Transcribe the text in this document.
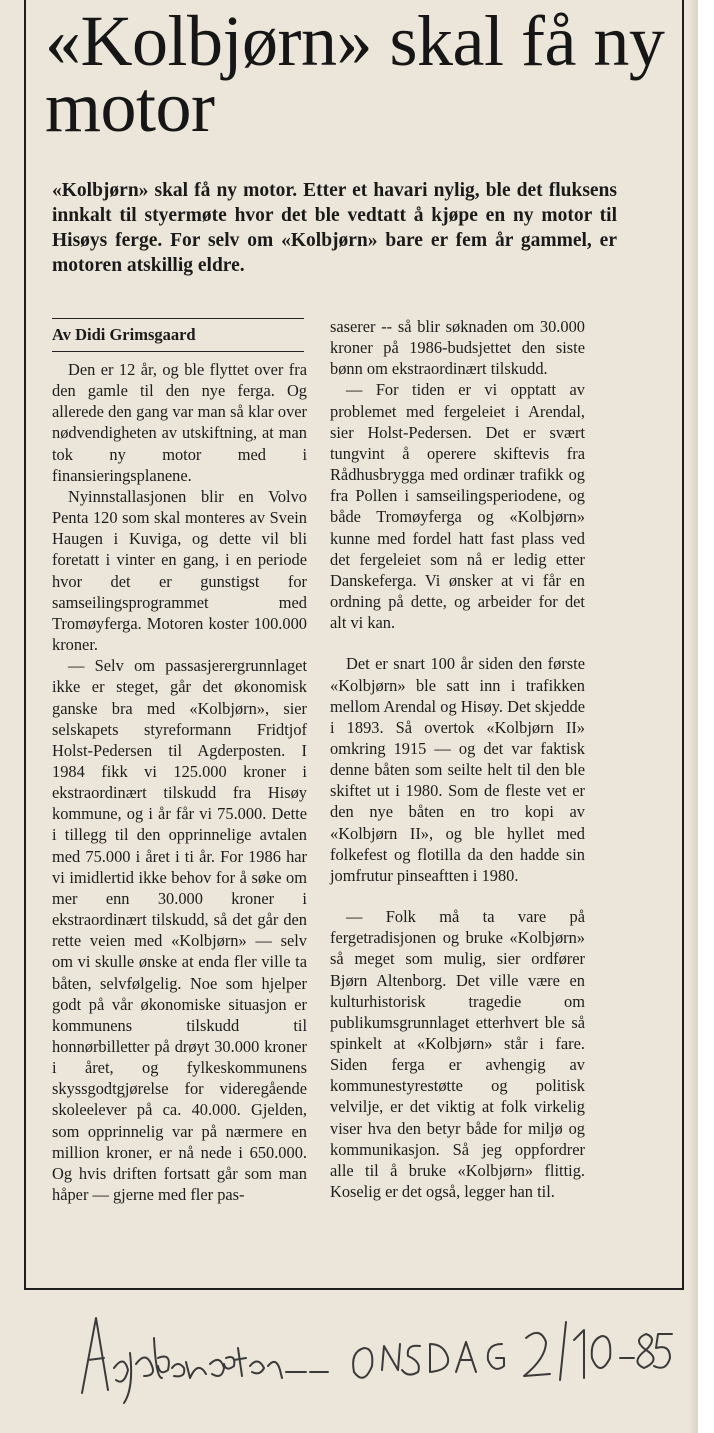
«Kolbjørn» skal få ny motor

«Kolbjørn» skal få ny motor. Etter et havari nylig, ble det fluksens innkalt til styermøte hvor det ble vedtatt å kjøpe en ny motor til Hisøys ferge. For selv om «Kolbjørn» bare er fem år gammel, er motoren atskillig eldre.

Av Didi Grimsgaard

Den er 12 år, og ble flyttet over fra den gamle til den nye ferga. Og allerede den gang var man så klar over nødvendigheten av utskiftning, at man tok ny motor med i finansieringsplanene.

Nyinnstallasjonen blir en Volvo Penta 120 som skal monteres av Svein Haugen i Kuviga, og dette vil bli foretatt i vinter en gang, i en periode hvor det er gunstigst for samseilingsprogrammet med Tromøyferga. Motoren koster 100.000 kroner.

— Selv om passasjerergrunnlaget ikke er steget, går det økonomisk ganske bra med «Kolbjørn», sier selskapets styreformann Fridtjof Holst-Pedersen til Agderposten. I 1984 fikk vi 125.000 kroner i ekstraordinært tilskudd fra Hisøy kommune, og i år får vi 75.000. Dette i tillegg til den opprinnelige avtalen med 75.000 i året i ti år. For 1986 har vi imidlertid ikke behov for å søke om mer enn 30.000 kroner i ekstraordinært tilskudd, så det går den rette veien med «Kolbjørn» — selv om vi skulle ønske at enda fler ville ta båten, selvfølgelig. Noe som hjelper godt på vår økonomiske situasjon er kommunens tilskudd til honnørbilletter på drøyt 30.000 kroner i året, og fylkeskommunens skyssgodtgjørelse for videregående skoleelever på ca. 40.000. Gjelden, som opprinnelig var på nærmere en million kroner, er nå nede i 650.000. Og hvis driften fortsatt går som man håper — gjerne med fler pas-

saserer -- så blir søknaden om 30.000 kroner på 1986-budsjettet den siste bønn om ekstraordinært tilskudd.

— For tiden er vi opptatt av problemet med fergeleiet i Arendal, sier Holst-Pedersen. Det er svært tungvint å operere skiftevis fra Rådhusbrygga med ordinær trafikk og fra Pollen i samseilingsperiodene, og både Tromøyferga og «Kolbjørn» kunne med fordel hatt fast plass ved det fergeleiet som nå er ledig etter Danskeferga. Vi ønsker at vi får en ordning på dette, og arbeider for det alt vi kan.

Det er snart 100 år siden den første «Kolbjørn» ble satt inn i trafikken mellom Arendal og Hisøy. Det skjedde i 1893. Så overtok «Kolbjørn II» omkring 1915 — og det var faktisk denne båten som seilte helt til den ble skiftet ut i 1980. Som de fleste vet er den nye båten en tro kopi av «Kolbjørn II», og ble hyllet med folkefest og flotilla da den hadde sin jomfrutur pinseaftten i 1980.

— Folk må ta vare på fergetradisjonen og bruke «Kolbjørn» så meget som mulig, sier ordfører Bjørn Altenborg. Det ville være en kulturhistorisk tragedie om publikumsgrunnlaget etterhvert ble så spinkelt at «Kolbjørn» står i fare. Siden ferga er avhengig av kommunestyrestøtte og politisk velvilje, er det viktig at folk virkelig viser hva den betyr både for miljø og kommunikasjon. Så jeg oppfordrer alle til å bruke «Kolbjørn» flittig. Koselig er det også, legger han til.
